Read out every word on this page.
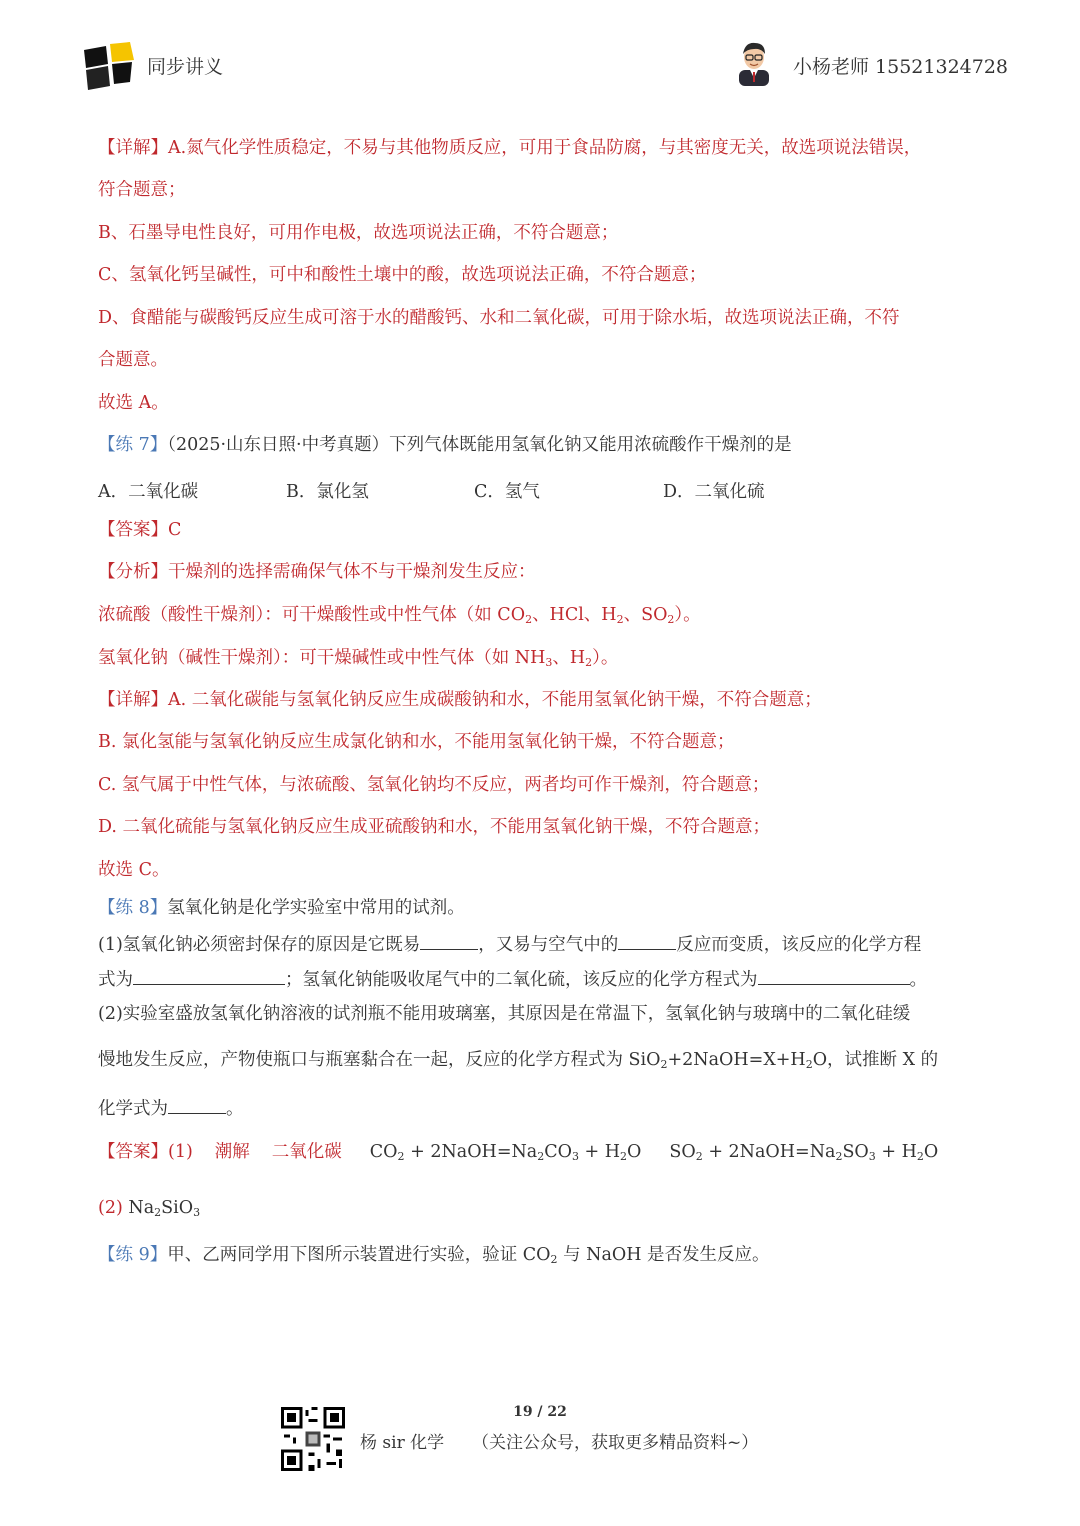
同步讲义	小杨老师 15521324728
【详解】A.氮气化学性质稳定，不易与其他物质反应，可用于食品防腐，与其密度无关，故选项说法错误，
符合题意；
B、石墨导电性良好，可用作电极，故选项说法正确，不符合题意；
C、氢氧化钙呈碱性，可中和酸性土壤中的酸，故选项说法正确，不符合题意；
D、食醋能与碳酸钙反应生成可溶于水的醋酸钙、水和二氧化碳，可用于除水垢，故选项说法正确，不符
合题意。
故选 A。
【练 7】（2025·山东日照·中考真题）下列气体既能用氢氧化钠又能用浓硫酸作干燥剂的是
A．二氧化碳	B．氯化氢	C．氢气	D．二氧化硫
【答案】C
【分析】干燥剂的选择需确保气体不与干燥剂发生反应：
浓硫酸（酸性干燥剂）：可干燥酸性或中性气体（如 $CO_2$、HCl、$H_2$、$SO_2$）。
氢氧化钠（碱性干燥剂）：可干燥碱性或中性气体（如 $NH_3$、$H_2$）。
【详解】A. 二氧化碳能与氢氧化钠反应生成碳酸钠和水，不能用氢氧化钠干燥，不符合题意；
B. 氯化氢能与氢氧化钠反应生成氯化钠和水，不能用氢氧化钠干燥，不符合题意；
C. 氢气属于中性气体，与浓硫酸、氢氧化钠均不反应，两者均可作干燥剂，符合题意；
D. 二氧化硫能与氢氧化钠反应生成亚硫酸钠和水，不能用氢氧化钠干燥，不符合题意；
故选 C。
【练 8】氢氧化钠是化学实验室中常用的试剂。
(1)氢氧化钠必须密封保存的原因是它既易	，又易与空气中的	反应而变质，该反应的化学方程
式为	；氢氧化钠能吸收尾气中的二氧化硫，该反应的化学方程式为	。
(2)实验室盛放氢氧化钠溶液的试剂瓶不能用玻璃塞，其原因是在常温下，氢氧化钠与玻璃中的二氧化硅缓
慢地发生反应，产物使瓶口与瓶塞黏合在一起，反应的化学方程式为 $SiO_2+2NaOH=X+H_2O$，试推断 X 的
化学式为	。
【答案】(1) 潮解 二氧化碳 $CO_2$ + $2NaOH=Na_2CO_3 + H_2O$ $SO_2$ + $2NaOH=Na_2SO_3 + H_2O$
(2) $Na_2SiO_3$
【练 9】甲、乙两同学用下图所示装置进行实验，验证 $CO_2$ 与 NaOH 是否发生反应。
19 / 22
杨 sir 化学 （关注公众号，获取更多精品资料~）
